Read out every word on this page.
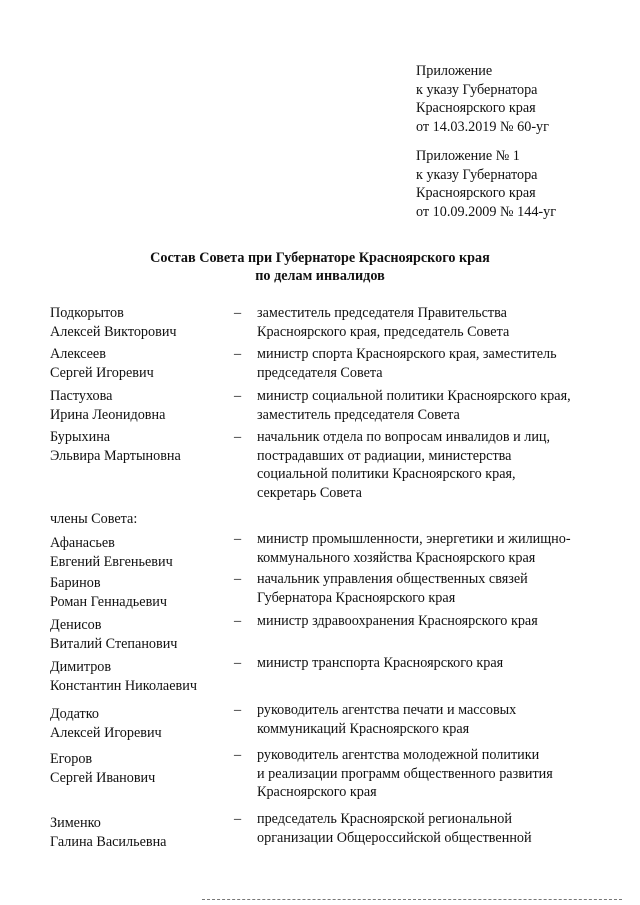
Приложение
к указу Губернатора
Красноярского края
от 14.03.2019 № 60-уг
Приложение № 1
к указу Губернатора
Красноярского края
от 10.09.2009 № 144-уг
Состав Совета при Губернаторе Красноярского края
по делам инвалидов
Подкорытов
Алексей Викторович
– заместитель председателя Правительства
Красноярского края, председатель Совета
Алексеев
Сергей Игоревич
– министр спорта Красноярского края, заместитель
председателя Совета
Пастухова
Ирина Леонидовна
– министр социальной политики Красноярского края,
заместитель председателя Совета
Бурыхина
Эльвира Мартыновна
– начальник отдела по вопросам инвалидов и лиц,
пострадавших от радиации, министерства
социальной политики Красноярского края,
секретарь Совета
члены Совета:
Афанасьев
Евгений Евгеньевич
– министр промышленности, энергетики и жилищно-
коммунального хозяйства Красноярского края
Баринов
Роман Геннадьевич
– начальник управления общественных связей
Губернатора Красноярского края
Денисов
Виталий Степанович
– министр здравоохранения Красноярского края
Димитров
Константин Николаевич
– министр транспорта Красноярского края
Додатко
Алексей Игоревич
– руководитель агентства печати и массовых
коммуникаций Красноярского края
Егоров
Сергей Иванович
– руководитель агентства молодежной политики
и реализации программ общественного развития
Красноярского края
Зименко
Галина Васильевна
– председатель Красноярской региональной
организации Общероссийской общественной
